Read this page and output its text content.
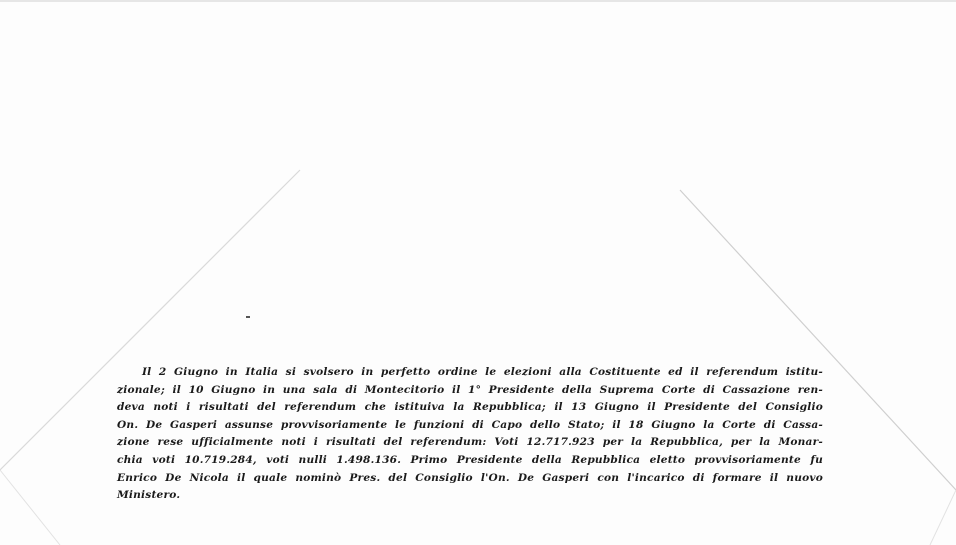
Il 2 Giugno in Italia si svolsero in perfetto ordine le elezioni alla Costituente ed il referendum istitu-
zionale; il 10 Giugno in una sala di Montecitorio il 1° Presidente della Suprema Corte di Cassazione ren-
deva noti i risultati del referendum che istituiva la Repubblica; il 13 Giugno il Presidente del Consiglio
On. De Gasperi assunse provvisoriamente le funzioni di Capo dello Stato; il 18 Giugno la Corte di Cassa-
zione rese ufficialmente noti i risultati del referendum: Voti 12.717.923 per la Repubblica, per la Monar-
chia voti 10.719.284, voti nulli 1.498.136. Primo Presidente della Repubblica eletto provvisoriamente fu
Enrico De Nicola il quale nominò Pres. del Consiglio l'On. De Gasperi con l'incarico di formare il nuovo
Ministero.
